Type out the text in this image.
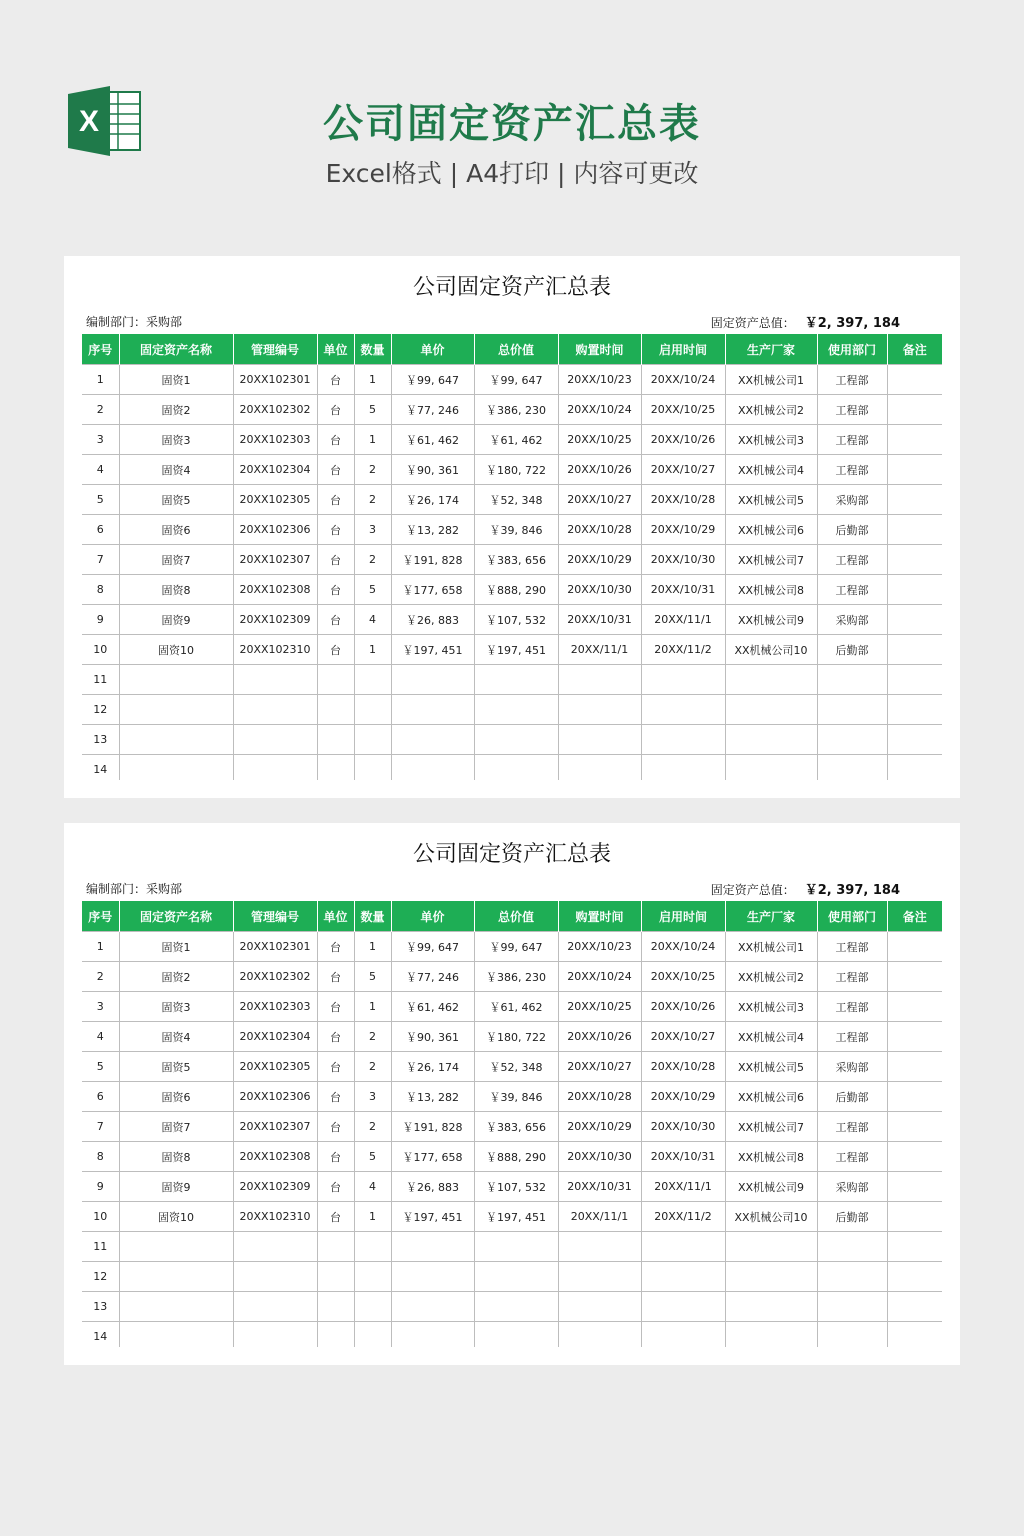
X	公司固定资产汇总表
Excel格式 | A4打印 | 内容可更改
公司固定资产汇总表
编制部门：采购部	固定资产总值： ￥2, 397, 184
序号	固定资产名称	管理编号	单位	数量	单价	总价值	购置时间	启用时间	生产厂家	使用部门	备注
1	固资1	20XX102301	台	1	￥99, 647	￥99, 647	20XX/10/23	20XX/10/24	XX机械公司1	工程部	
2	固资2	20XX102302	台	5	￥77, 246	￥386, 230	20XX/10/24	20XX/10/25	XX机械公司2	工程部	
3	固资3	20XX102303	台	1	￥61, 462	￥61, 462	20XX/10/25	20XX/10/26	XX机械公司3	工程部	
4	固资4	20XX102304	台	2	￥90, 361	￥180, 722	20XX/10/26	20XX/10/27	XX机械公司4	工程部	
5	固资5	20XX102305	台	2	￥26, 174	￥52, 348	20XX/10/27	20XX/10/28	XX机械公司5	采购部	
6	固资6	20XX102306	台	3	￥13, 282	￥39, 846	20XX/10/28	20XX/10/29	XX机械公司6	后勤部	
7	固资7	20XX102307	台	2	￥191, 828	￥383, 656	20XX/10/29	20XX/10/30	XX机械公司7	工程部	
8	固资8	20XX102308	台	5	￥177, 658	￥888, 290	20XX/10/30	20XX/10/31	XX机械公司8	工程部	
9	固资9	20XX102309	台	4	￥26, 883	￥107, 532	20XX/10/31	20XX/11/1	XX机械公司9	采购部	
10	固资10	20XX102310	台	1	￥197, 451	￥197, 451	20XX/11/1	20XX/11/2	XX机械公司10	后勤部	
11											
12											
13											
14											
公司固定资产汇总表
编制部门：采购部	固定资产总值： ￥2, 397, 184
序号	固定资产名称	管理编号	单位	数量	单价	总价值	购置时间	启用时间	生产厂家	使用部门	备注
1	固资1	20XX102301	台	1	￥99, 647	￥99, 647	20XX/10/23	20XX/10/24	XX机械公司1	工程部	
2	固资2	20XX102302	台	5	￥77, 246	￥386, 230	20XX/10/24	20XX/10/25	XX机械公司2	工程部	
3	固资3	20XX102303	台	1	￥61, 462	￥61, 462	20XX/10/25	20XX/10/26	XX机械公司3	工程部	
4	固资4	20XX102304	台	2	￥90, 361	￥180, 722	20XX/10/26	20XX/10/27	XX机械公司4	工程部	
5	固资5	20XX102305	台	2	￥26, 174	￥52, 348	20XX/10/27	20XX/10/28	XX机械公司5	采购部	
6	固资6	20XX102306	台	3	￥13, 282	￥39, 846	20XX/10/28	20XX/10/29	XX机械公司6	后勤部	
7	固资7	20XX102307	台	2	￥191, 828	￥383, 656	20XX/10/29	20XX/10/30	XX机械公司7	工程部	
8	固资8	20XX102308	台	5	￥177, 658	￥888, 290	20XX/10/30	20XX/10/31	XX机械公司8	工程部	
9	固资9	20XX102309	台	4	￥26, 883	￥107, 532	20XX/10/31	20XX/11/1	XX机械公司9	采购部	
10	固资10	20XX102310	台	1	￥197, 451	￥197, 451	20XX/11/1	20XX/11/2	XX机械公司10	后勤部	
11											
12											
13											
14											
